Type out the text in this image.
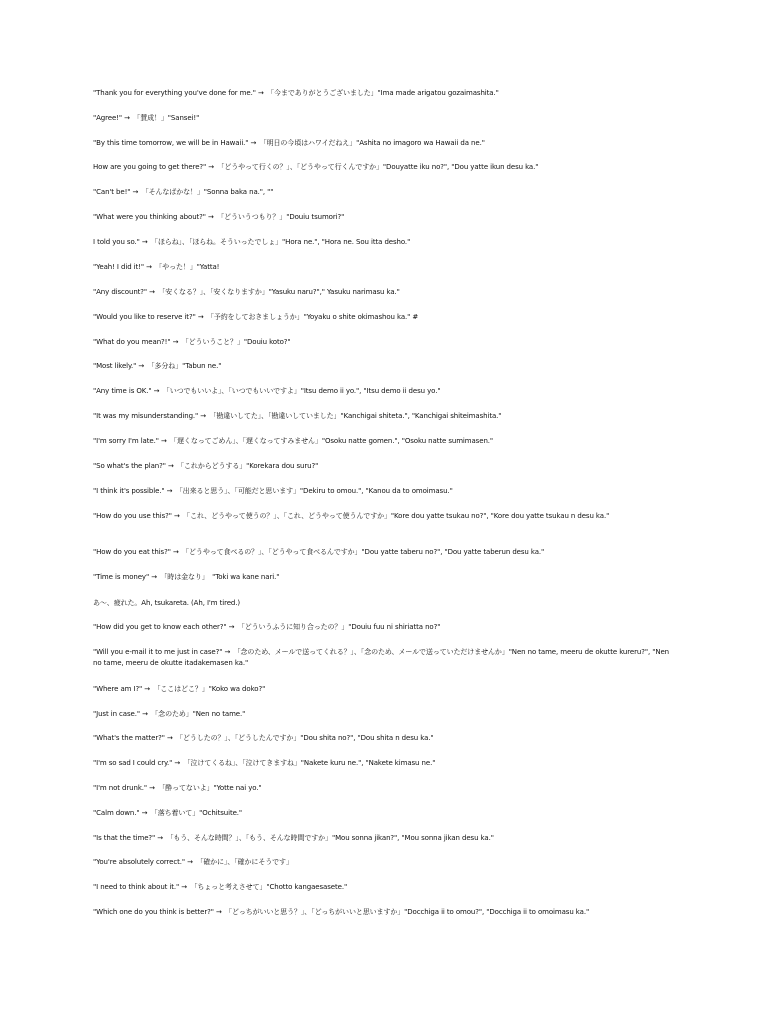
"Thank you for everything you've done for me." →　「今までありがとうございました」"Ima made arigatou gozaimashita."
"Agree!" →　「賛成！」"Sansei!"
"By this time tomorrow, we will be in Hawaii." →　「明日の今頃はハワイだねえ」"Ashita no imagoro wa Hawaii da ne."
How are you going to get there?" →　「どうやって行くの？」、「どうやって行くんですか」"Douyatte iku no?", "Dou yatte ikun desu ka."
"Can't be!" →　「そんなばかな！」"Sonna baka na.", ""
"What were you thinking about?" →　「どういうつもり？」"Douiu tsumori?"
I told you so." →　「ほらね」、「ほらね。そういったでしょ」"Hora ne.", "Hora ne. Sou itta desho."
"Yeah! I did it!" →　「やった！」"Yatta!
"Any discount?" →　「安くなる？」、「安くなりますか」"Yasuku naru?"," Yasuku narimasu ka."
"Would you like to reserve it?" →　「予約をしておきましょうか」"Yoyaku o shite okimashou ka." #
"What do you mean?!" →　「どういうこと？」"Douiu koto?"
"Most likely." →　「多分ね」"Tabun ne."
"Any time is OK." →　「いつでもいいよ」、「いつでもいいですよ」"Itsu demo ii yo.", "Itsu demo ii desu yo."
"It was my misunderstanding." →　「勘違いしてた」、「勘違いしていました」"Kanchigai shiteta.", "Kanchigai shiteimashita."
"I'm sorry I'm late." →　「遅くなってごめん」、「遅くなってすみません」"Osoku natte gomen.", "Osoku natte sumimasen."
"So what's the plan?" →　「これからどうする」"Korekara dou suru?"
"I think it's possible." →　「出来ると思う」、「可能だと思います」"Dekiru to omou.", "Kanou da to omoimasu."
"How do you use this?" →　「これ、どうやって使うの？」、「これ、どうやって使うんですか」"Kore dou yatte tsukau no?", "Kore dou yatte tsukau n desu ka."
"How do you eat this?" →　「どうやって食べるの？」、「どうやって食べるんですか」"Dou yatte taberu no?", "Dou yatte taberun desu ka."
"Time is money" →　「時は金なり」　"Toki wa kane nari."
あ～、疲れた。Ah, tsukareta. (Ah, I'm tired.)
"How did you get to know each other?" →　「どういうふうに知り合ったの？」"Douiu fuu ni shiriatta no?"
"Will you e-mail it to me just in case?" →　「念のため、メールで送ってくれる？」、「念のため、メールで送っていただけませんか」"Nen no tame, meeru de okutte kureru?", "Nen no tame, meeru de okutte itadakemasen ka."
"Where am I?" →　「ここはどこ？」"Koko wa doko?"
"Just in case." →　「念のため」"Nen no tame."
"What's the matter?" →　「どうしたの？」、「どうしたんですか」"Dou shita no?", "Dou shita n desu ka."
"I'm so sad I could cry." →　「泣けてくるね」、「泣けてきますね」"Nakete kuru ne.", "Nakete kimasu ne."
"I'm not drunk." →　「酔ってないよ」"Yotte nai yo."
"Calm down." →　「落ち着いて」"Ochitsuite."
"Is that the time?" →　「もう、そんな時間？」、「もう、そんな時間ですか」"Mou sonna jikan?", "Mou sonna jikan desu ka."
"You're absolutely correct." →　「確かに」、「確かにそうです」
"I need to think about it." →　「ちょっと考えさせて」"Chotto kangaesasete."
"Which one do you think is better?" →　「どっちがいいと思う？」、「どっちがいいと思いますか」"Docchiga ii to omou?", "Docchiga ii to omoimasu ka."
